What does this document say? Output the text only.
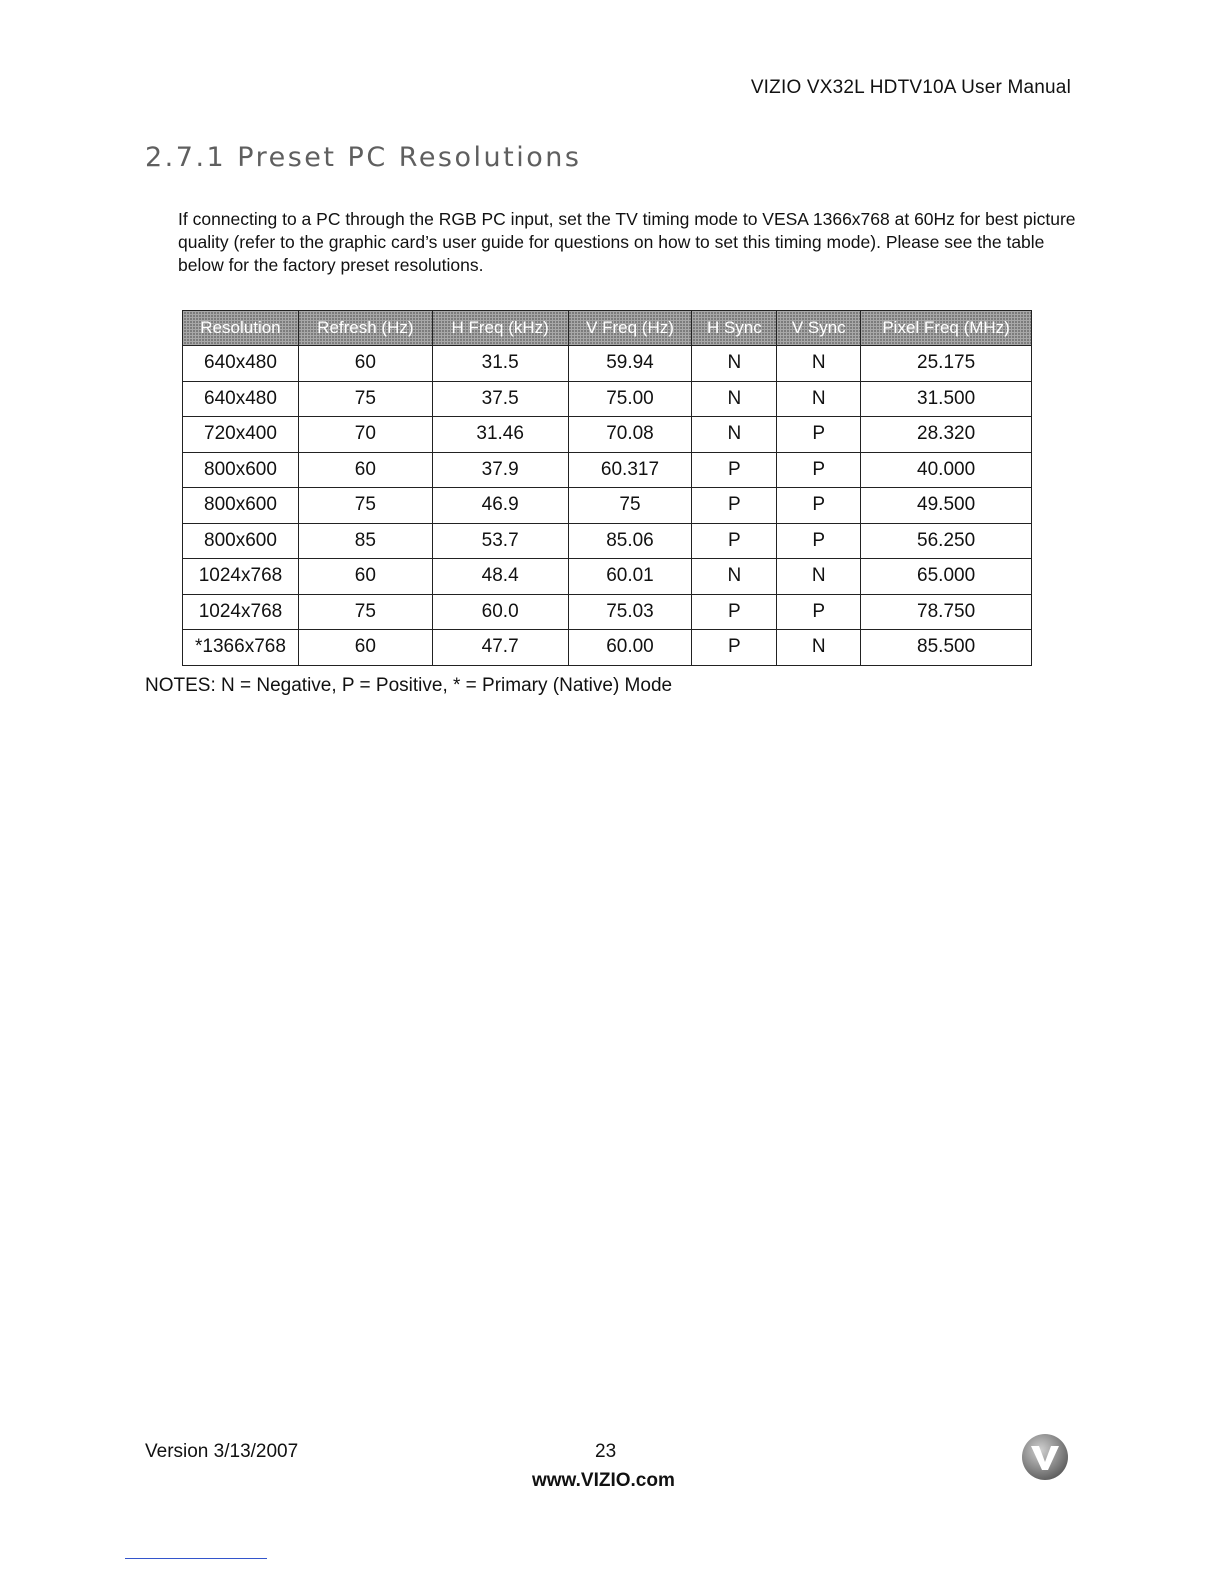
VIZIO VX32L HDTV10A User Manual
2.7.1 Preset PC Resolutions

If connecting to a PC through the RGB PC input, set the TV timing mode to VESA 1366x768 at 60Hz for best picture quality (refer to the graphic card’s user guide for questions on how to set this timing mode). Please see the table below for the factory preset resolutions.

Resolution	Refresh (Hz)	H Freq (kHz)	V Freq (Hz)	H Sync	V Sync	Pixel Freq (MHz)
640x480	60	31.5	59.94	N	N	25.175
640x480	75	37.5	75.00	N	N	31.500
720x400	70	31.46	70.08	N	P	28.320
800x600	60	37.9	60.317	P	P	40.000
800x600	75	46.9	75	P	P	49.500
800x600	85	53.7	85.06	P	P	56.250
1024x768	60	48.4	60.01	N	N	65.000
1024x768	75	60.0	75.03	P	P	78.750
*1366x768	60	47.7	60.00	P	N	85.500

NOTES: N = Negative, P = Positive, * = Primary (Native) Mode

Version 3/13/2007	23
www.VIZIO.com
